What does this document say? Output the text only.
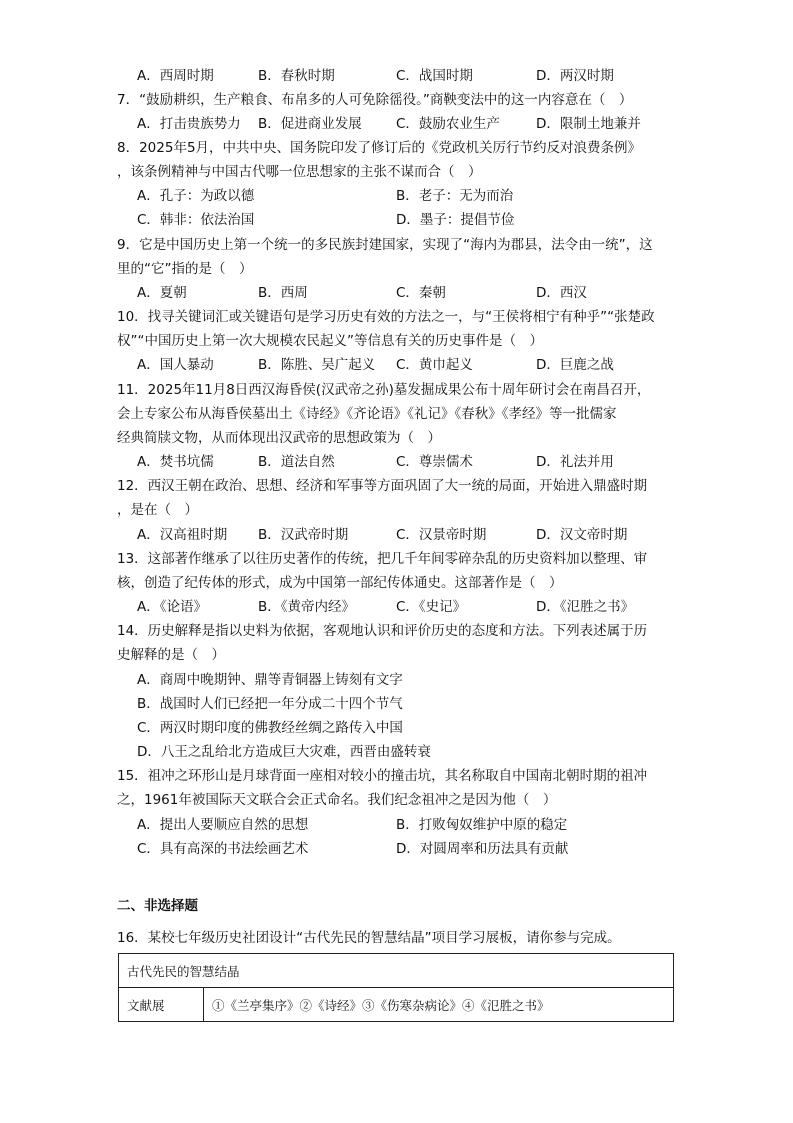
A．西周时期	B．春秋时期	C．战国时期	D．两汉时期
7．“鼓励耕织，生产粮食、布帛多的人可免除徭役。”商鞅变法中的这一内容意在（　）
A．打击贵族势力 B．促进商业发展	C．鼓励农业生产	D．限制土地兼并
8．2025年5月，中共中央、国务院印发了修订后的《党政机关厉行节约反对浪费条例》
，该条例精神与中国古代哪一位思想家的主张不谋而合（　）
A．孔子：为政以德	B．老子：无为而治
C．韩非：依法治国	D．墨子：提倡节俭
9．它是中国历史上第一个统一的多民族封建国家，实现了“海内为郡县，法令由一统”，这
里的“它”指的是（　）
A．夏朝	B．西周	C．秦朝	D．西汉
10．找寻关键词汇或关键语句是学习历史有效的方法之一，与“王侯将相宁有种乎”“张楚政
权”“中国历史上第一次大规模农民起义”等信息有关的历史事件是（　）
A．国人暴动	B．陈胜、吴广起义 C．黄巾起义	D．巨鹿之战
11．2025年11月8日西汉海昏侯(汉武帝之孙)墓发掘成果公布十周年研讨会在南昌召开，
会上专家公布从海昏侯墓出土《诗经》《齐论语》《礼记》《春秋》《孝经》等一批儒家
经典简牍文物，从而体现出汉武帝的思想政策为（　）
A．焚书坑儒	B．道法自然	C．尊崇儒术	D．礼法并用
12．西汉王朝在政治、思想、经济和军事等方面巩固了大一统的局面，开始进入鼎盛时期
，是在（　）
A．汉高祖时期 B．汉武帝时期	C．汉景帝时期	D．汉文帝时期
13．这部著作继承了以往历史著作的传统，把几千年间零碎杂乱的历史资料加以整理、审
核，创造了纪传体的形式，成为中国第一部纪传体通史。这部著作是（　）
A．《论语》	B．《黄帝内经》	C．《史记》	D．《氾胜之书》
14．历史解释是指以史料为依据，客观地认识和评价历史的态度和方法。下列表述属于历
史解释的是（　）
A．商周中晚期钟、鼎等青铜器上铸刻有文字
B．战国时人们已经把一年分成二十四个节气
C．两汉时期印度的佛教经丝绸之路传入中国
D．八王之乱给北方造成巨大灾难，西晋由盛转衰
15．祖冲之环形山是月球背面一座相对较小的撞击坑，其名称取自中国南北朝时期的祖冲
之，1961年被国际天文联合会正式命名。我们纪念祖冲之是因为他（　）
A．提出人要顺应自然的思想	B．打败匈奴维护中原的稳定
C．具有高深的书法绘画艺术	D．对圆周率和历法具有贡献
二、非选择题
16．某校七年级历史社团设计“古代先民的智慧结晶”项目学习展板，请你参与完成。
古代先民的智慧结晶
文献展	①《兰亭集序》②《诗经》③《伤寒杂病论》④《氾胜之书》
